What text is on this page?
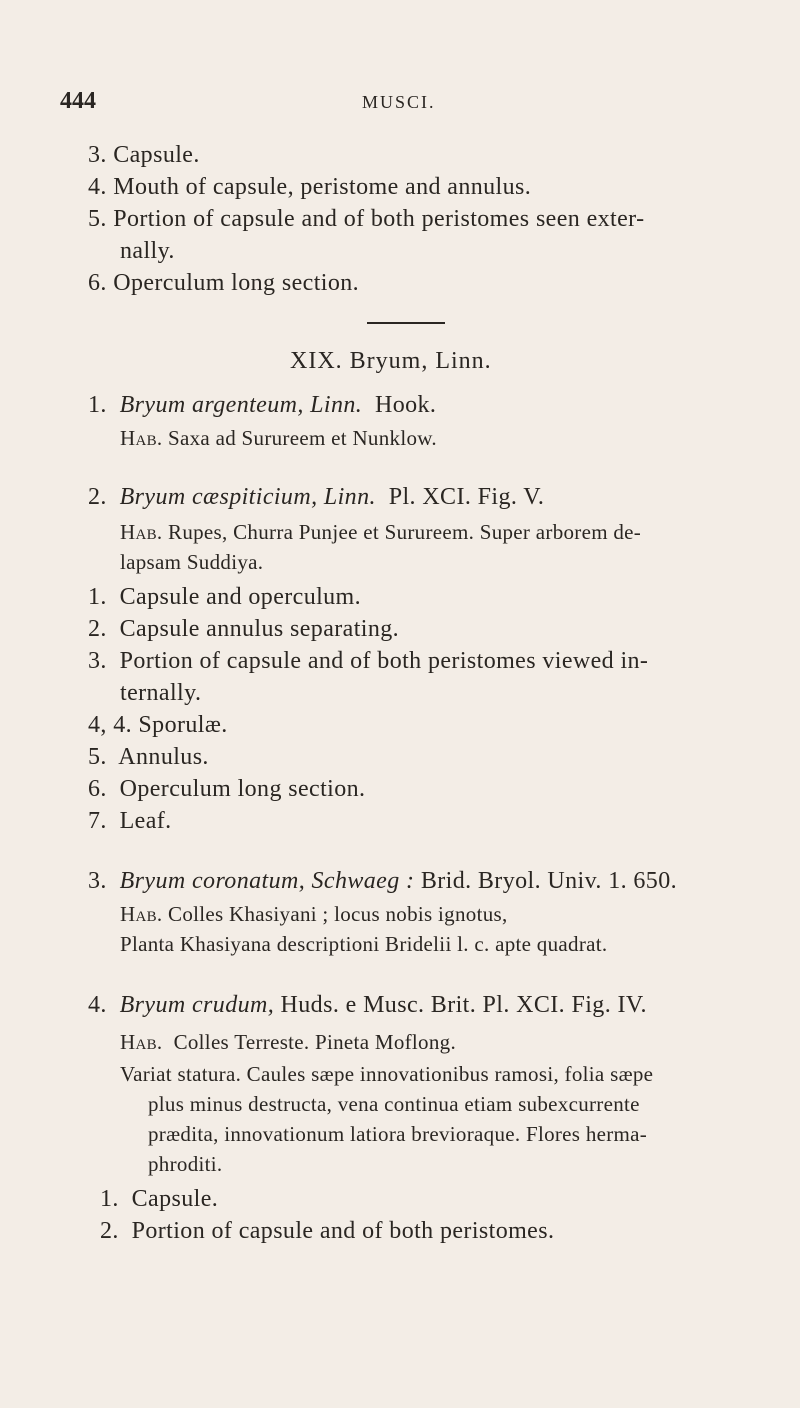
444	MUSCI.
3. Capsule.
4. Mouth of capsule, peristome and annulus.
5. Portion of capsule and of both peristomes seen exter-
nally.
6. Operculum long section.
XIX. Bryum, Linn.
1. Bryum argenteum, Linn. Hook.
Hab. Saxa ad Surureem et Nunklow.
2. Bryum cæspiticium, Linn. Pl. XCI. Fig. V.
Hab. Rupes, Churra Punjee et Surureem. Super arborem de-
lapsam Suddiya.
1. Capsule and operculum.
2. Capsule annulus separating.
3. Portion of capsule and of both peristomes viewed in-
ternally.
4, 4. Sporulæ.
5. Annulus.
6. Operculum long section.
7. Leaf.
3. Bryum coronatum, Schwaeg : Brid. Bryol. Univ. 1. 650.
Hab. Colles Khasiyani ; locus nobis ignotus,
Planta Khasiyana descriptioni Bridelii l. c. apte quadrat.
4. Bryum crudum, Huds. e Musc. Brit. Pl. XCI. Fig. IV.
Hab. Colles Terreste. Pineta Moflong.
Variat statura. Caules sæpe innovationibus ramosi, folia sæpe
plus minus destructa, vena continua etiam subexcurrente
prædita, innovationum latiora brevioraque. Flores herma-
phroditi.
1. Capsule.
2. Portion of capsule and of both peristomes.
